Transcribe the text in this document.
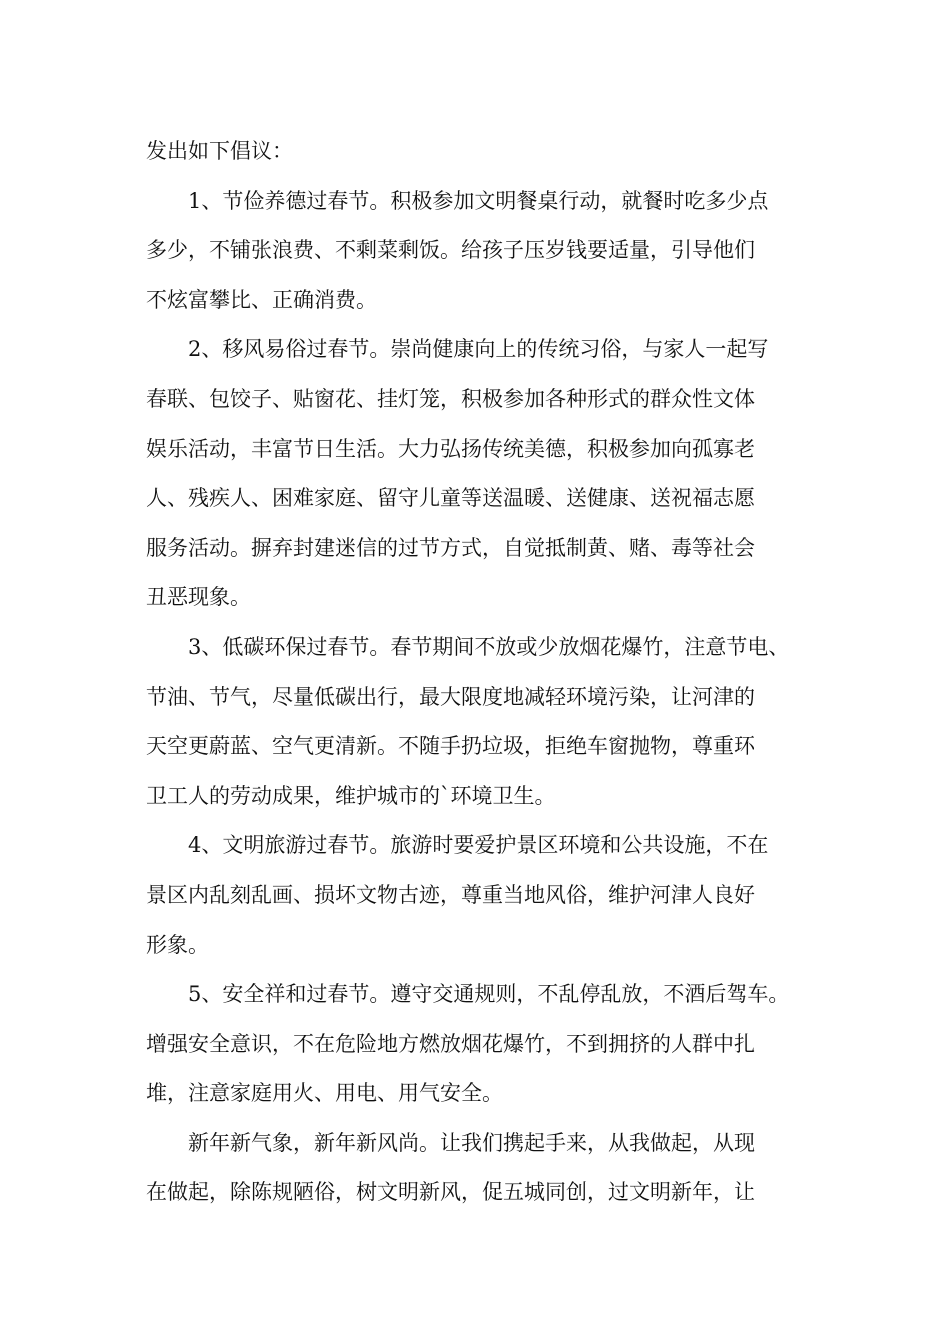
发出如下倡议：
1、节俭养德过春节。积极参加文明餐桌行动，就餐时吃多少点
多少，不铺张浪费、不剩菜剩饭。给孩子压岁钱要适量，引导他们
不炫富攀比、正确消费。
2、移风易俗过春节。崇尚健康向上的传统习俗，与家人一起写
春联、包饺子、贴窗花、挂灯笼，积极参加各种形式的群众性文体
娱乐活动，丰富节日生活。大力弘扬传统美德，积极参加向孤寡老
人、残疾人、困难家庭、留守儿童等送温暖、送健康、送祝福志愿
服务活动。摒弃封建迷信的过节方式，自觉抵制黄、赌、毒等社会
丑恶现象。
3、低碳环保过春节。春节期间不放或少放烟花爆竹，注意节电、
节油、节气，尽量低碳出行，最大限度地减轻环境污染，让河津的
天空更蔚蓝、空气更清新。不随手扔垃圾，拒绝车窗抛物，尊重环
卫工人的劳动成果，维护城市的`环境卫生。
4、文明旅游过春节。旅游时要爱护景区环境和公共设施，不在
景区内乱刻乱画、损坏文物古迹，尊重当地风俗，维护河津人良好
形象。
5、安全祥和过春节。遵守交通规则，不乱停乱放，不酒后驾车。
增强安全意识，不在危险地方燃放烟花爆竹，不到拥挤的人群中扎
堆，注意家庭用火、用电、用气安全。
新年新气象，新年新风尚。让我们携起手来，从我做起，从现
在做起，除陈规陋俗，树文明新风，促五城同创，过文明新年，让
